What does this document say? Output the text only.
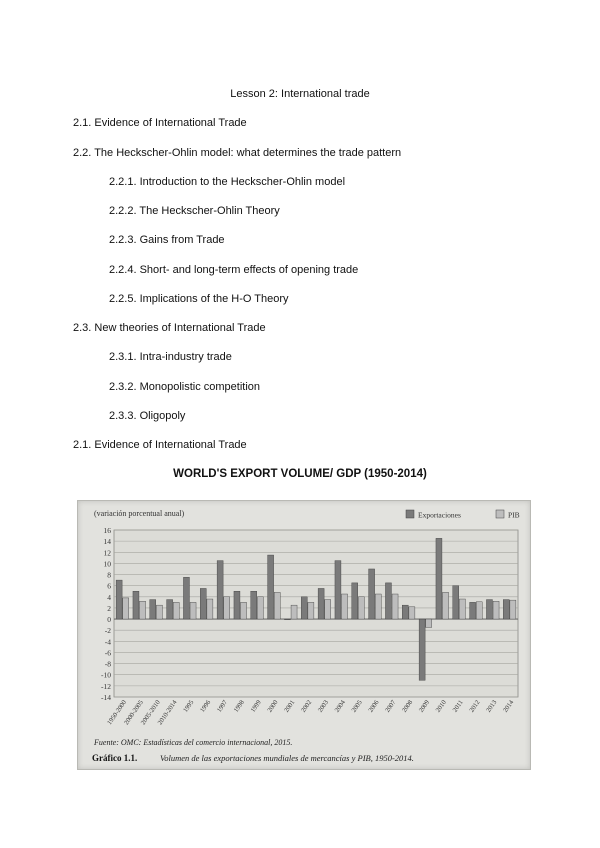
Lesson 2: International trade
2.1. Evidence of International Trade
2.2. The Heckscher-Ohlin model: what determines the trade pattern
2.2.1. Introduction to the Heckscher-Ohlin model
2.2.2. The Heckscher-Ohlin Theory
2.2.3. Gains from Trade
2.2.4. Short- and long-term effects of opening trade
2.2.5. Implications of the H-O Theory
2.3. New theories of International Trade
2.3.1. Intra-industry trade
2.3.2. Monopolistic competition
2.3.3. Oligopoly
2.1. Evidence of International Trade
WORLD'S EXPORT VOLUME/ GDP (1950-2014)
16
14
12
10
8
6
4
2
0
-2
-4
-6
-8
-10
-12
-14
(variación porcentual anual)	Exportaciones	PIB
1950-2000
2000-2005
2005-2010
2010-2014 1995 1996 1997 1998 1999 2000 2001 2002 2003 2004 2005 2006 2007 2008 2009 2010 2011 2012 2013 2014
Fuente: OMC: Estadísticas del comercio internacional, 2015.
Gráfico 1.1.	Volumen de las exportaciones mundiales de mercancías y PIB, 1950-2014.
